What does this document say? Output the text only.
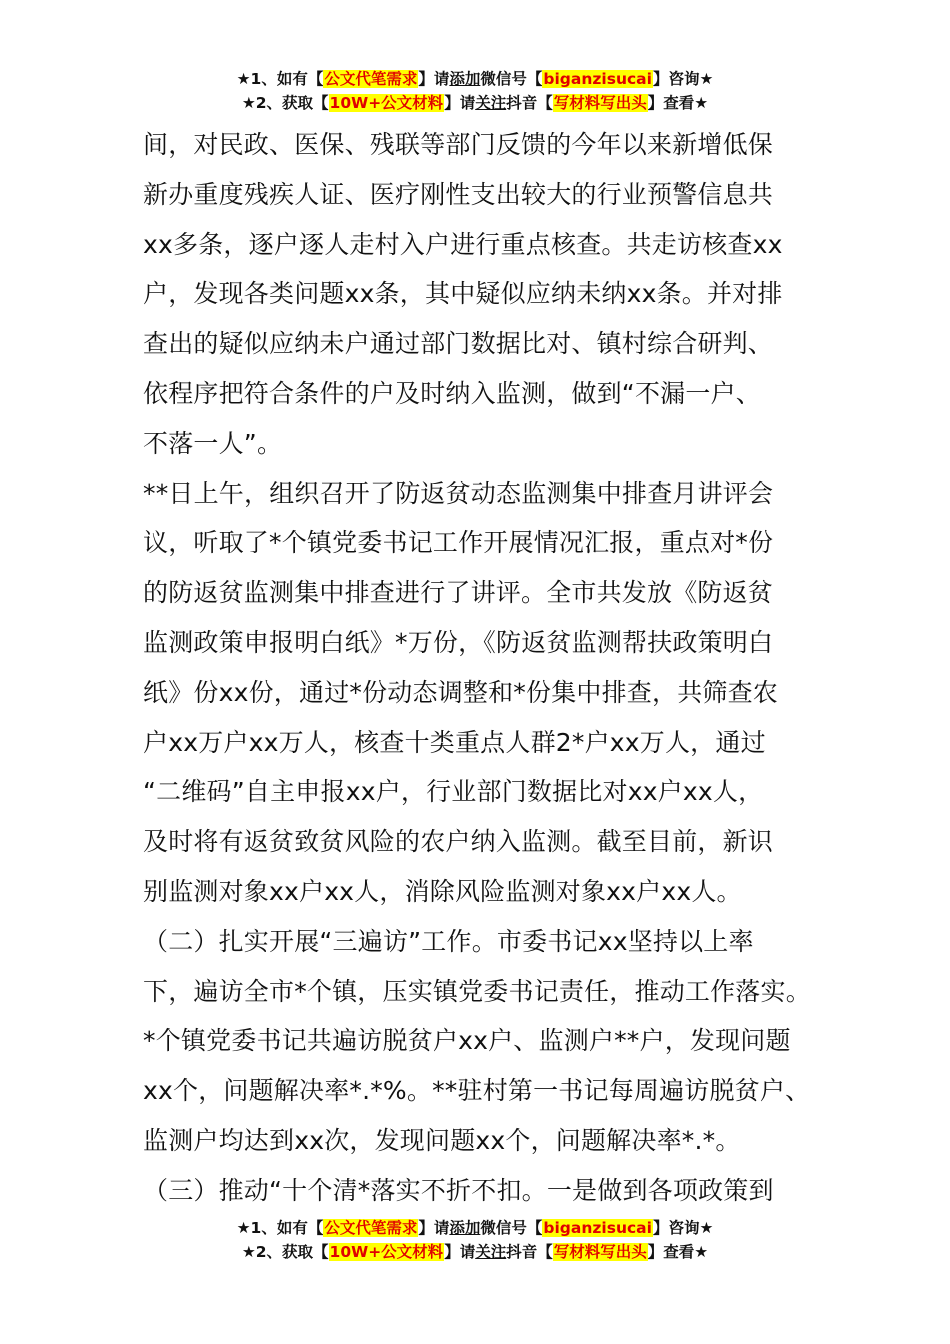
★1、如有【公文代笔需求】请添加微信号【biganzisucai】咨询★
★2、获取【10W+公文材料】请关注抖音【写材料写出头】查看★
间，对民政、医保、残联等部门反馈的今年以来新增低保
新办重度残疾人证、医疗刚性支出较大的行业预警信息共
xx多条，逐户逐人走村入户进行重点核查。共走访核查xx
户，发现各类问题xx条，其中疑似应纳未纳xx条。并对排
查出的疑似应纳未户通过部门数据比对、镇村综合研判、
依程序把符合条件的户及时纳入监测，做到“不漏一户、
不落一人”。
**日上午，组织召开了防返贫动态监测集中排查月讲评会
议，听取了*个镇党委书记工作开展情况汇报，重点对*份
的防返贫监测集中排查进行了讲评。全市共发放《防返贫
监测政策申报明白纸》*万份，《防返贫监测帮扶政策明白
纸》份xx份，通过*份动态调整和*份集中排查，共筛查农
户xx万户xx万人，核查十类重点人群2*户xx万人，通过
“二维码”自主申报xx户，行业部门数据比对xx户xx人，
及时将有返贫致贫风险的农户纳入监测。截至目前，新识
别监测对象xx户xx人，消除风险监测对象xx户xx人。
（二）扎实开展“三遍访”工作。市委书记xx坚持以上率
下，遍访全市*个镇，压实镇党委书记责任，推动工作落实。
*个镇党委书记共遍访脱贫户xx户、监测户**户，发现问题
xx个，问题解决率*.*%。**驻村第一书记每周遍访脱贫户、
监测户均达到xx次，发现问题xx个，问题解决率*.*。
（三）推动“十个清*落实不折不扣。一是做到各项政策到
★1、如有【公文代笔需求】请添加微信号【biganzisucai】咨询★
★2、获取【10W+公文材料】请关注抖音【写材料写出头】查看★
